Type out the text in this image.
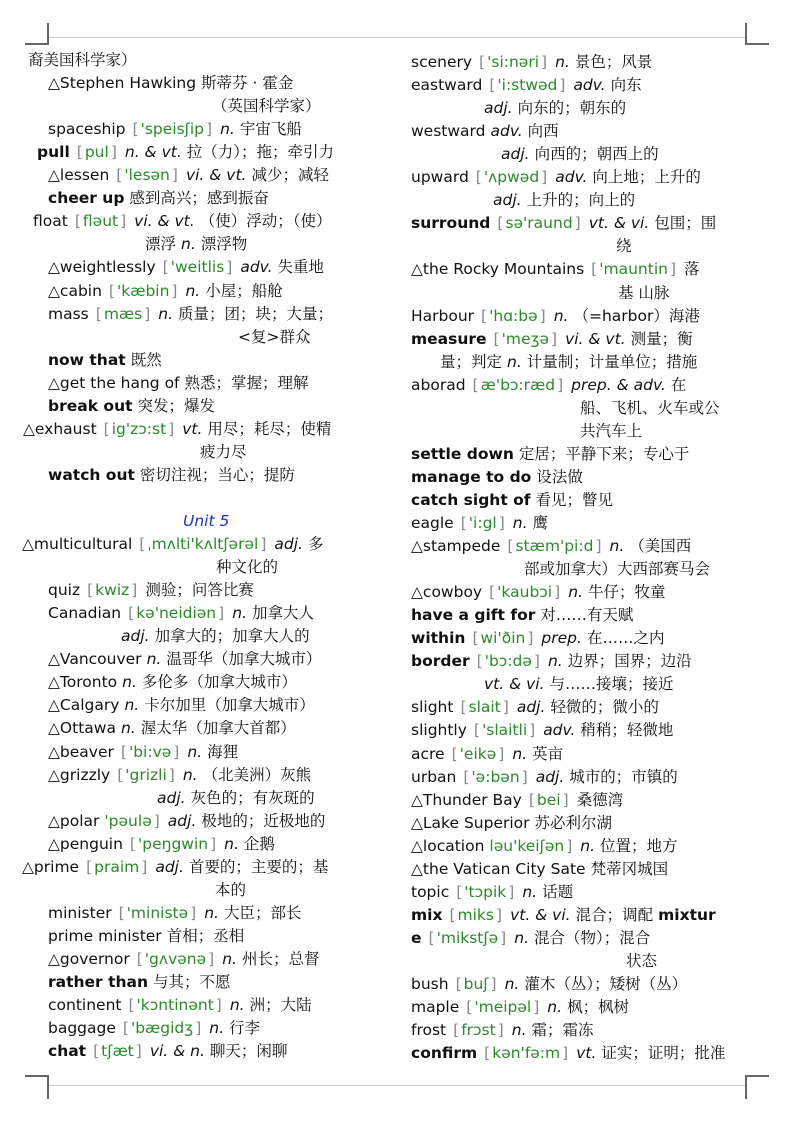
裔美国科学家）
△Stephen Hawking 斯蒂芬 · 霍金
（英国科学家）
spaceship [ 'speisʃip ] n. 宇宙飞船
pull [ pul ] n. & vt. 拉（力）；拖；牵引力
△lessen [ 'lesən ] vi. & vt. 减少；减轻
cheer up 感到高兴；感到振奋
float [ fləut ] vi. & vt. （使）浮动；（使）
漂浮 n. 漂浮物
△weightlessly [ 'weitlis ] adv. 失重地
△cabin [ 'kæbin ] n. 小屋；船舱
mass [ mæs ] n. 质量；团；块；大量；
<复>群众
now that 既然
△get the hang of 熟悉；掌握；理解
break out 突发；爆发
△exhaust [ ig'zɔ:st ] vt. 用尽；耗尽；使精
疲力尽
watch out 密切注视；当心；提防
Unit 5
△multicultural [ ˌmʌlti'kʌltʃərəl ] adj. 多
种文化的
quiz [ kwiz ] 测验；问答比赛
Canadian [ kə'neidiən ] n. 加拿大人
adj. 加拿大的；加拿大人的
△Vancouver n. 温哥华（加拿大城市）
△Toronto n. 多伦多（加拿大城市）
△Calgary n. 卡尔加里（加拿大城市）
△Ottawa n. 渥太华（加拿大首都）
△beaver [ 'bi:və ] n. 海狸
△grizzly [ 'grizli ] n. （北美洲）灰熊
adj. 灰色的；有灰斑的
△polar 'pəulə ] adj. 极地的；近极地的
△penguin [ 'peŋgwin ] n. 企鹅
△prime [ praim ] adj. 首要的；主要的；基
本的
minister [ 'ministə ] n. 大臣；部长
prime minister 首相；丞相
△governor [ 'gʌvənə ] n. 州长；总督
rather than 与其；不愿
continent [ 'kɔntinənt ] n. 洲；大陆
baggage [ 'bægidʒ ] n. 行李
chat [ tʃæt ] vi. & n. 聊天；闲聊
scenery [ 'si:nəri ] n. 景色；风景
eastward [ 'i:stwəd ] adv. 向东
adj. 向东的；朝东的
westward adv. 向西
adj. 向西的；朝西上的
upward [ 'ʌpwəd ] adv. 向上地；上升的
adj. 上升的；向上的
surround [ sə'raund ] vt. & vi. 包围；围
绕
△the Rocky Mountains [ 'mauntin ] 落
基 山脉
Harbour [ 'hɑ:bə ] n. （=harbor）海港
measure [ 'meʒə ] vi. & vt. 测量；衡
量；判定 n. 计量制；计量单位；措施
aborad [ æ'bɔ:ræd ] prep. & adv. 在
船、飞机、火车或公
共汽车上
settle down 定居；平静下来；专心于
manage to do 设法做
catch sight of 看见；瞥见
eagle [ 'i:gl ] n. 鹰
△stampede [ stæm'pi:d ] n. （美国西
部或加拿大）大西部赛马会
△cowboy [ 'kaubɔi ] n. 牛仔；牧童
have a gift for 对……有天赋
within [ wi'ðin ] prep. 在……之内
border [ 'bɔ:də ] n. 边界；国界；边沿
vt. & vi. 与……接壤；接近
slight [ slait ] adj. 轻微的；微小的
slightly [ 'slaitli ] adv. 稍稍；轻微地
acre [ 'eikə ] n. 英亩
urban [ 'ə:bən ] adj. 城市的；市镇的
△Thunder Bay [ bei ] 桑德湾
△Lake Superior 苏必利尔湖
△location ləu'keiʃən ] n. 位置；地方
△the Vatican City Sate 梵蒂冈城国
topic [ 'tɔpik ] n. 话题
mix [ miks ] vt. & vi. 混合；调配 mixtur
e [ 'mikstʃə ] n. 混合（物）；混合
状态
bush [ buʃ ] n. 灌木（丛）；矮树（丛）
maple [ 'meipəl ] n. 枫；枫树
frost [ frɔst ] n. 霜；霜冻
confirm [ kən'fə:m ] vt. 证实；证明；批准
